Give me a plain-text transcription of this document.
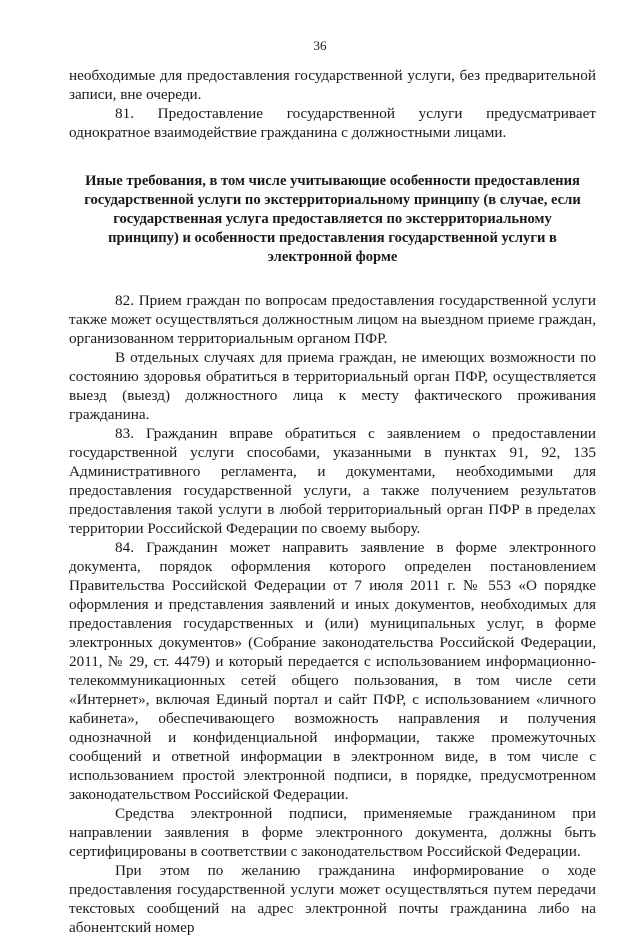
36

необходимые для предоставления государственной услуги, без предварительной записи, вне очереди.

81. Предоставление государственной услуги предусматривает однократное взаимодействие гражданина с должностными лицами.

Иные требования, в том числе учитывающие особенности предоставления государственной услуги по экстерриториальному принципу (в случае, если государственная услуга предоставляется по экстерриториальному принципу) и особенности предоставления государственной услуги в электронной форме

82. Прием граждан по вопросам предоставления государственной услуги также может осуществляться должностным лицом на выездном приеме граждан, организованном территориальным органом ПФР.

В отдельных случаях для приема граждан, не имеющих возможности по состоянию здоровья обратиться в территориальный орган ПФР, осуществляется выезд (выезд) должностного лица к месту фактического проживания гражданина.

83. Гражданин вправе обратиться с заявлением о предоставлении государственной услуги способами, указанными в пунктах 91, 92, 135 Административного регламента, и документами, необходимыми для предоставления государственной услуги, а также получением результатов предоставления такой услуги в любой территориальный орган ПФР в пределах территории Российской Федерации по своему выбору.

84. Гражданин может направить заявление в форме электронного документа, порядок оформления которого определен постановлением Правительства Российской Федерации от 7 июля 2011 г. № 553 «О порядке оформления и представления заявлений и иных документов, необходимых для предоставления государственных и (или) муниципальных услуг, в форме электронных документов» (Собрание законодательства Российской Федерации, 2011, № 29, ст. 4479) и который передается с использованием информационно-телекоммуникационных сетей общего пользования, в том числе сети «Интернет», включая Единый портал и сайт ПФР, с использованием «личного кабинета», обеспечивающего возможность направления и получения однозначной и конфиденциальной информации, также промежуточных сообщений и ответной информации в электронном виде, в том числе с использованием простой электронной подписи, в порядке, предусмотренном законодательством Российской Федерации.

Средства электронной подписи, применяемые гражданином при направлении заявления в форме электронного документа, должны быть сертифицированы в соответствии с законодательством Российской Федерации.

При этом по желанию гражданина информирование о ходе предоставления государственной услуги может осуществляться путем передачи текстовых сообщений на адрес электронной почты гражданина либо на абонентский номер
